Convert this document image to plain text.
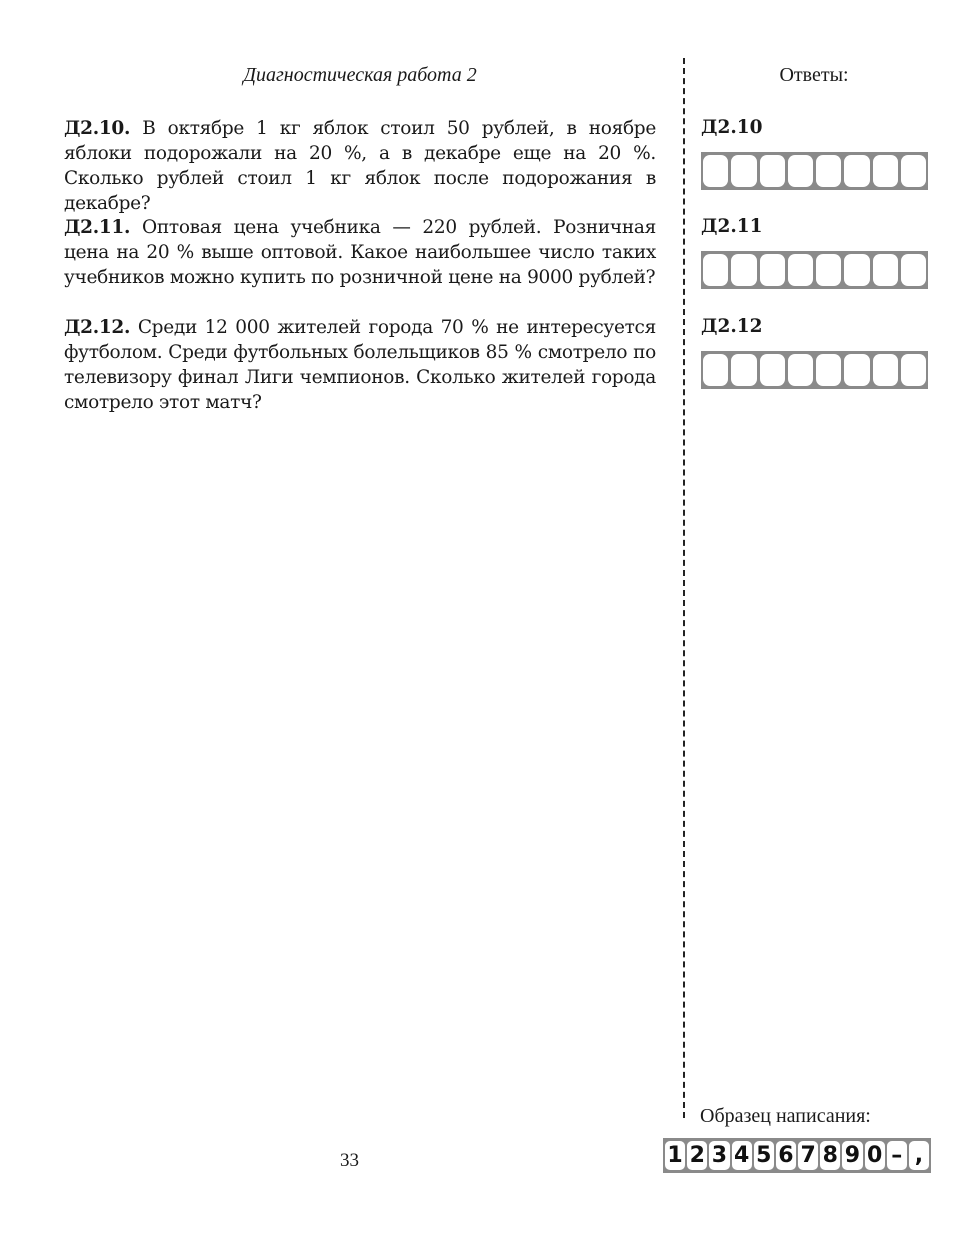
Диагностическая работа 2	Ответы:
Д2.10. В октябре 1 кг яблок стоил 50 рублей, в ноябре яблоки подорожали на 20 %, а в декабре еще на 20 %. Сколько рублей стоил 1 кг яблок после подорожания в декабре?
Д2.11. Оптовая цена учебника — 220 рублей. Розничная цена на 20 % выше оптовой. Какое наибольшее число таких учебников можно купить по розничной цене на 9000 рублей?
Д2.12. Среди 12 000 жителей города 70 % не интересуется футболом. Среди футбольных болельщиков 85 % смотрело по телевизору финал Лиги чемпионов. Сколько жителей города смотрело этот матч?
Д2.10
Д2.11
Д2.12
Образец написания:
1 2 3 4 5 6 7 8 9 0 – ,
33
